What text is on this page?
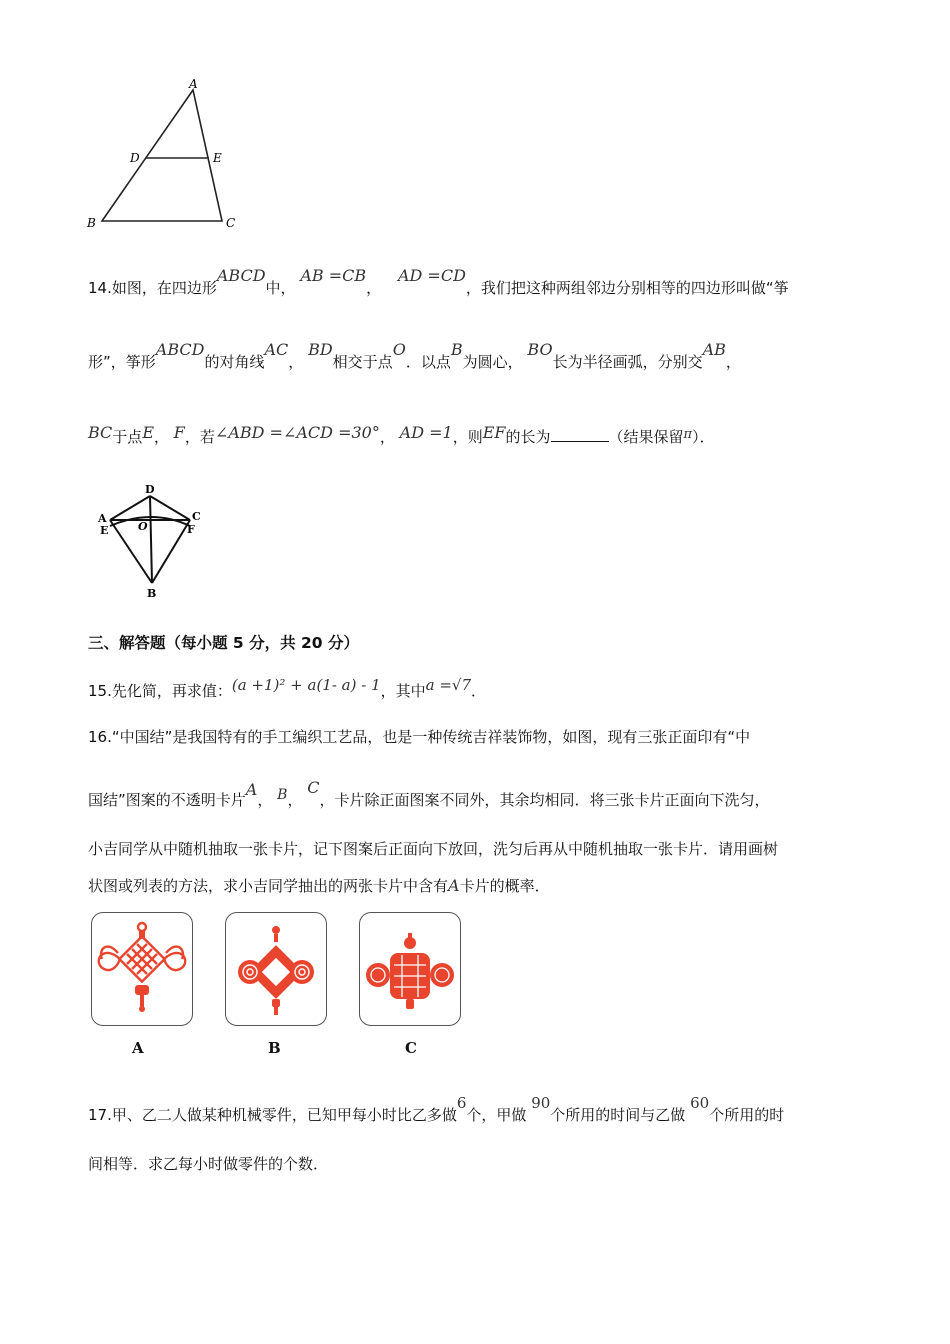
A
D	E
B	C
14.如图，在四边形ABCD中， AB =CB， AD =CD，我们把这种两组邻边分别相等的四边形叫做“筝
形”，筝形ABCD的对角线AC， BD相交于点O．以点B为圆心， BO长为半径画弧，分别交AB，
BC于点E， F，若∠ABD =∠ACD =30°， AD =1，则EF的长为	（结果保留π）．
D
A
E	O
C
F
B
三、解答题（每小题 5 分，共 20 分）
15.先化简，再求值：(a +1)² + a(1- a) - 1，其中a =√7．
16.“中国结”是我国特有的手工编织工艺品，也是一种传统吉祥装饰物，如图，现有三张正面印有“中
国结”图案的不透明卡片A， B， C，卡片除正面图案不同外，其余均相同．将三张卡片正面向下洗匀，
小吉同学从中随机抽取一张卡片，记下图案后正面向下放回，洗匀后再从中随机抽取一张卡片．请用画树
状图或列表的方法，求小吉同学抽出的两张卡片中含有A卡片的概率．
A	B	C
17.甲、乙二人做某种机械零件，已知甲每小时比乙多做6个，甲做 90个所用的时间与乙做 60个所用的时
间相等．求乙每小时做零件的个数．
